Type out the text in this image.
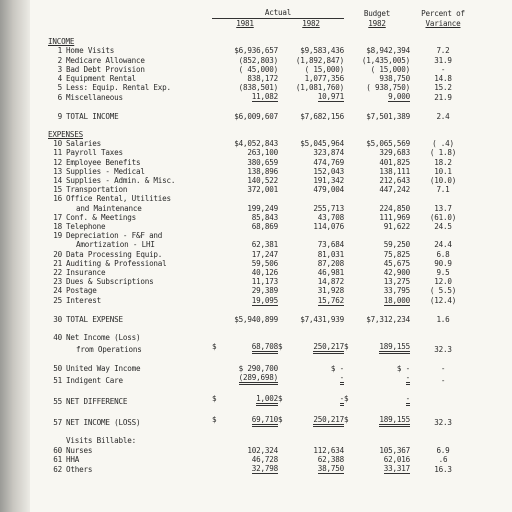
		Actual		Budget	Percent of
		1981	1982	1982	Variance

INCOME					
1	Home Visits	$6,936,657	$9,583,436	$8,942,394	7.2
2	Medicare Allowance	(852,803)	(1,892,847)	(1,435,005)	31.9
3	Bad Debt Provision	( 45,000)	( 15,000)	( 15,000)	-
4	Equipment Rental	838,172	1,077,356	938,750	14.8
5	Less: Equip. Rental Exp.	(838,501)	(1,081,760)	( 938,750)	15.2
6	Miscellaneous	11,082	10,971	9,000	21.9

9	TOTAL INCOME	$6,009,607	$7,682,156	$7,501,389	2.4

EXPENSES					
10	Salaries	$4,052,843	$5,045,964	$5,065,569	( .4)
11	Payroll Taxes	263,100	323,874	329,683	( 1.8)
12	Employee Benefits	380,659	474,769	401,825	18.2
13	Supplies - Medical	138,896	152,043	138,111	10.1
14	Supplies - Admin. & Misc.	140,522	191,342	212,643	(10.0)
15	Transportation	372,001	479,004	447,242	7.1
16	Office Rental, Utilities				
	and Maintenance	199,249	255,713	224,850	13.7
17	Conf. & Meetings	85,843	43,708	111,969	(61.0)
18	Telephone	68,869	114,076	91,622	24.5
19	Depreciation - F&F and				
	Amortization - LHI	62,381	73,684	59,250	24.4
20	Data Processing Equip.	17,247	81,031	75,825	6.8
21	Auditing & Professional	59,506	87,208	45,675	90.9
22	Insurance	40,126	46,981	42,900	9.5
23	Dues & Subscriptions	11,173	14,872	13,275	12.0
24	Postage	29,389	31,928	33,795	( 5.5)
25	Interest	19,095	15,762	18,000	(12.4)

30	TOTAL EXPENSE	$5,940,899	$7,431,939	$7,312,234	1.6

40	Net Income (Loss)				
	from Operations	$ 68,708	$ 250,217	$ 189,155	32.3

50	United Way Income	$ 290,700	$ -	$ -	-
51	Indigent Care	(289,698)	-	-	-

55	NET DIFFERENCE	$ 1,002	$ -	$ -	

57	NET INCOME (LOSS)	$ 69,710	$ 250,217	$ 189,155	32.3

	Visits Billable:				
60	Nurses	102,324	112,634	105,367	6.9
61	HHA	46,728	62,388	62,016	.6
62	Others	32,798	38,750	33,317	16.3
